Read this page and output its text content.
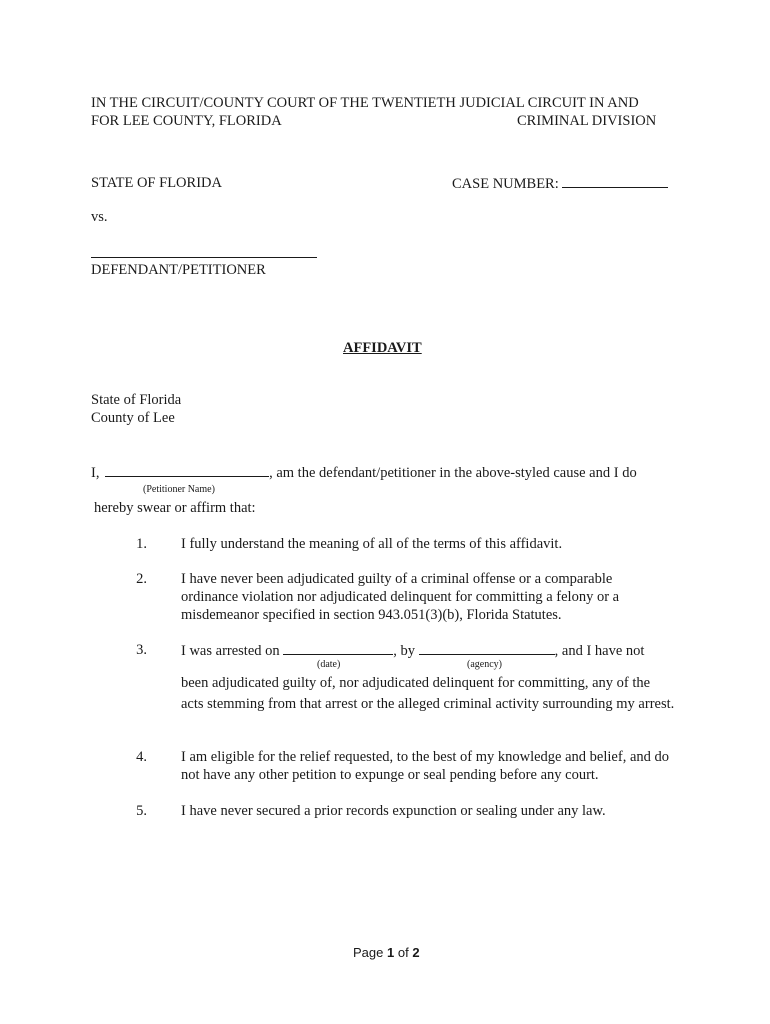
IN THE CIRCUIT/COUNTY COURT OF THE TWENTIETH JUDICIAL CIRCUIT IN AND
FOR LEE COUNTY, FLORIDA	CRIMINAL DIVISION
STATE OF FLORIDA	CASE NUMBER:
vs.
DEFENDANT/PETITIONER
AFFIDAVIT
State of Florida
County of Lee
I,	, am the defendant/petitioner in the above-styled cause and I do
(Petitioner Name)
hereby swear or affirm that:
1. I fully understand the meaning of all of the terms of this affidavit.
2. I have never been adjudicated guilty of a criminal offense or a comparable ordinance violation nor adjudicated delinquent for committing a felony or a misdemeanor specified in section 943.051(3)(b), Florida Statutes.
3. I was arrested on	, by	, and I have not
(date)	(agency)
been adjudicated guilty of, nor adjudicated delinquent for committing, any of the acts stemming from that arrest or the alleged criminal activity surrounding my arrest.
4. I am eligible for the relief requested, to the best of my knowledge and belief, and do not have any other petition to expunge or seal pending before any court.
5. I have never secured a prior records expunction or sealing under any law.
Page 1 of 2
